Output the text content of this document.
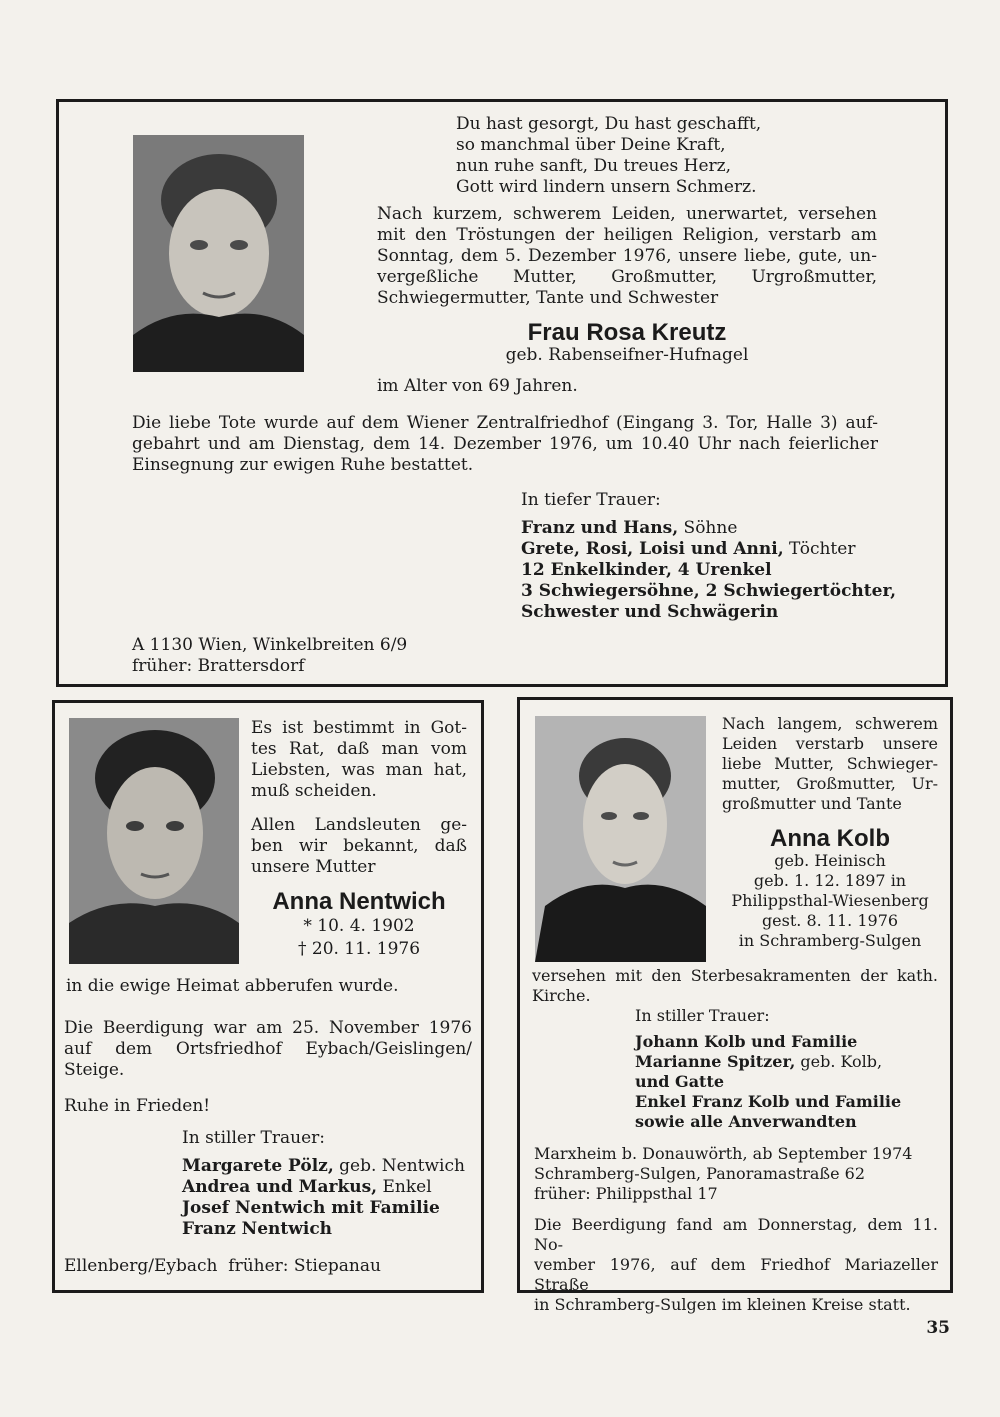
Du hast gesorgt, Du hast geschafft,
so manchmal über Deine Kraft,
nun ruhe sanft, Du treues Herz,
Gott wird lindern unsern Schmerz.
Nach kurzem, schwerem Leiden, unerwartet, versehen
mit den Tröstungen der heiligen Religion, verstarb am
Sonntag, dem 5. Dezember 1976, unsere liebe, gute, un-
vergeßliche Mutter, Großmutter, Urgroßmutter,
Schwiegermutter, Tante und Schwester
Frau Rosa Kreutz
geb. Rabenseifner-Hufnagel
im Alter von 69 Jahren.
Die liebe Tote wurde auf dem Wiener Zentralfriedhof (Eingang 3. Tor, Halle 3) auf-
gebahrt und am Dienstag, dem 14. Dezember 1976, um 10.40 Uhr nach feierlicher
Einsegnung zur ewigen Ruhe bestattet.
In tiefer Trauer:
Franz und Hans, Söhne
Grete, Rosi, Loisi und Anni, Töchter
12 Enkelkinder, 4 Urenkel
3 Schwiegersöhne, 2 Schwiegertöchter,
Schwester und Schwägerin
A 1130 Wien, Winkelbreiten 6/9
früher: Brattersdorf
Es ist bestimmt in Got-
tes Rat, daß man vom
Liebsten, was man hat,
muß scheiden.
Allen Landsleuten ge-
ben wir bekannt, daß
unsere Mutter
Anna Nentwich
* 10. 4. 1902
† 20. 11. 1976
in die ewige Heimat abberufen wurde.
Die Beerdigung war am 25. November 1976
auf dem Ortsfriedhof Eybach/Geislingen/
Steige.
Ruhe in Frieden!
In stiller Trauer:
Margarete Pölz, geb. Nentwich
Andrea und Markus, Enkel
Josef Nentwich mit Familie
Franz Nentwich
Ellenberg/Eybach  früher: Stiepanau
Nach langem, schwerem
Leiden verstarb unsere
liebe Mutter, Schwieger-
mutter, Großmutter, Ur-
großmutter und Tante
Anna Kolb
geb. Heinisch
geb. 1. 12. 1897 in
Philippsthal-Wiesenberg
gest. 8. 11. 1976
in Schramberg-Sulgen
versehen mit den Sterbesakramenten der kath.
Kirche.
In stiller Trauer:
Johann Kolb und Familie
Marianne Spitzer, geb. Kolb,
und Gatte
Enkel Franz Kolb und Familie
sowie alle Anverwandten
Marxheim b. Donauwörth, ab September 1974
Schramberg-Sulgen, Panoramastraße 62
früher: Philippsthal 17
Die Beerdigung fand am Donnerstag, dem 11. No-
vember 1976, auf dem Friedhof Mariazeller Straße
in Schramberg-Sulgen im kleinen Kreise statt.
35
